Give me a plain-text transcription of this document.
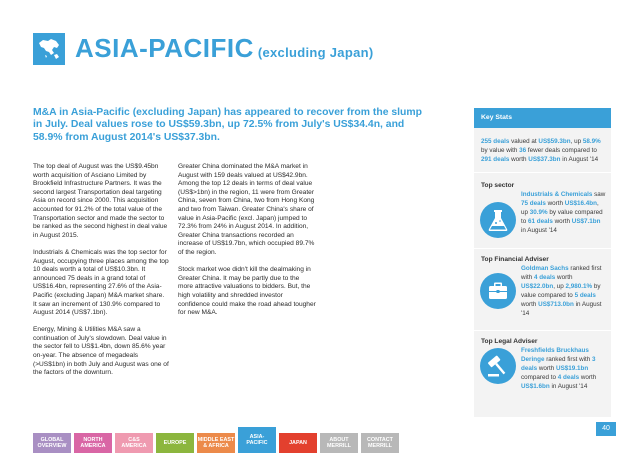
ASIA-PACIFIC (excluding Japan)
M&A in Asia-Pacific (excluding Japan) has appeared to recover from the slump in July. Deal values rose to US$59.3bn, up 72.5% from July's US$34.4n, and 58.9% from August 2014's US$37.3bn.

The top deal of August was the US$9.45bn worth acquisition of Asciano Limited by Brookfield Infrastructure Partners. It was the second largest Transportation deal targeting Asia on record since 2000. This acquisition accounted for 91.2% of the total value of the Transportation sector and made the sector to be ranked as the second highest in deal value in August 2015.

Industrials & Chemicals was the top sector for August, occupying three places among the top 10 deals worth a total of US$10.3bn. It announced 75 deals in a grand total of US$16.4bn, representing 27.6% of the Asia-Pacific (excluding Japan) M&A market share. It saw an increment of 130.9% compared to August 2014 (US$7.1bn).

Energy, Mining & Utilities M&A saw a continuation of July's slowdown. Deal value in the sector fell to US$1.4bn, down 85.6% year on-year. The absence of megadeals (>US$1bn) in both July and August was one of the factors of the downturn.

Greater China dominated the M&A market in August with 159 deals valued at US$42.9bn. Among the top 12 deals in terms of deal value (US$>1bn) in the region, 11 were from Greater China, seven from China, two from Hong Kong and two from Taiwan. Greater China's share of value in Asia-Pacific (excl. Japan) jumped to 72.3% from 24% in August 2014. In addition, Greater China transactions recorded an increase of US$19.7bn, which occupied 89.7% of the region.

Stock market woe didn't kill the dealmaking in Greater China. It may be partly due to the more attractive valuations to bidders. But, the high volatility and shredded investor confidence could make the road ahead tougher for new M&A.

Key Stats
255 deals valued at US$59.3bn, up 58.9% by value with 36 fewer deals compared to 291 deals worth US$37.3bn in August '14
Top sector
Industrials & Chemicals saw 75 deals worth US$16.4bn, up 30.9% by value compared to 61 deals worth US$7.1bn in August '14
Top Financial Adviser
Goldman Sachs ranked first with 4 deals worth US$22.0bn, up 2,980.1% by value compared to 5 deals worth US$713.0bn in August '14
Top Legal Adviser
Freshfields Bruckhaus Deringe ranked first with 3 deals worth US$19.1bn compared to 4 deals worth US$1.6bn in August '14
40
GLOBAL
OVERVIEW
NORTH
AMERICA
C&S
AMERICA
EUROPE
MIDDLE EAST
& AFRICA
ASIA-
PACIFIC	JAPAN
ABOUT
MERRILL
CONTACT
MERRILL
